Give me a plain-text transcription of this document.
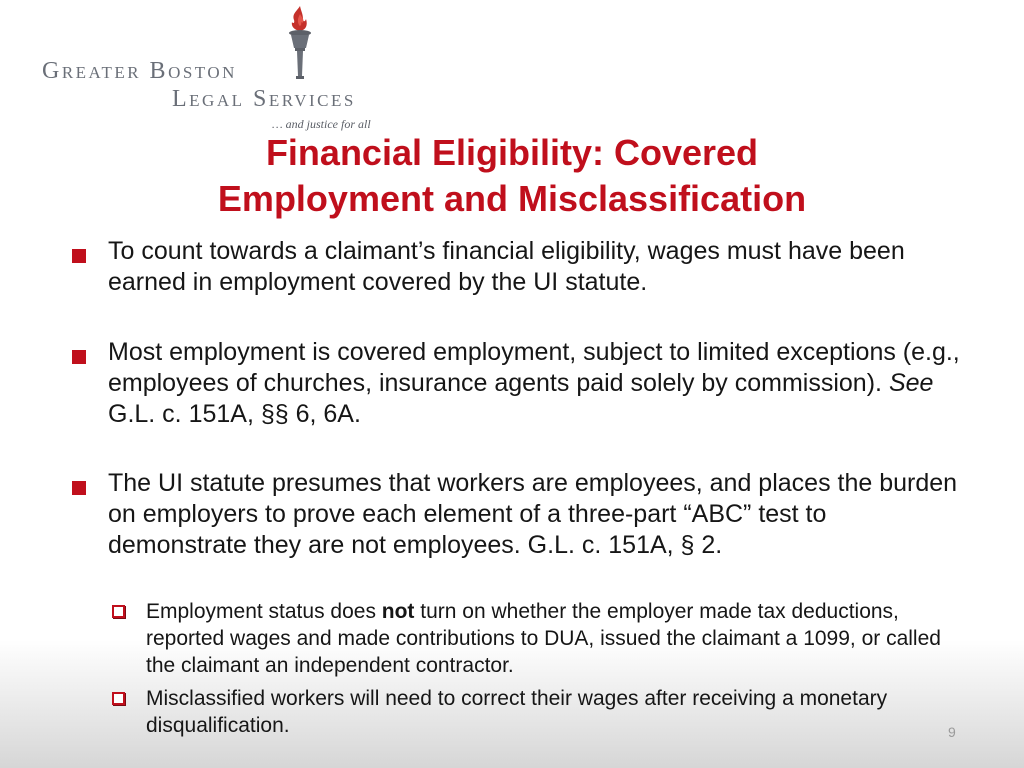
Greater Boston
Legal Services
… and justice for all
Financial Eligibility: Covered
Employment and Misclassification
To count towards a claimant’s financial eligibility, wages must have been earned in employment covered by the UI statute.
Most employment is covered employment, subject to limited exceptions (e.g., employees of churches, insurance agents paid solely by commission). See G.L. c. 151A, §§ 6, 6A.
The UI statute presumes that workers are employees, and places the burden on employers to prove each element of a three-part “ABC” test to demonstrate they are not employees. G.L. c. 151A, § 2.
Employment status does not turn on whether the employer made tax deductions, reported wages and made contributions to DUA, issued the claimant a 1099, or called the claimant an independent contractor.
Misclassified workers will need to correct their wages after receiving a monetary disqualification.	9
